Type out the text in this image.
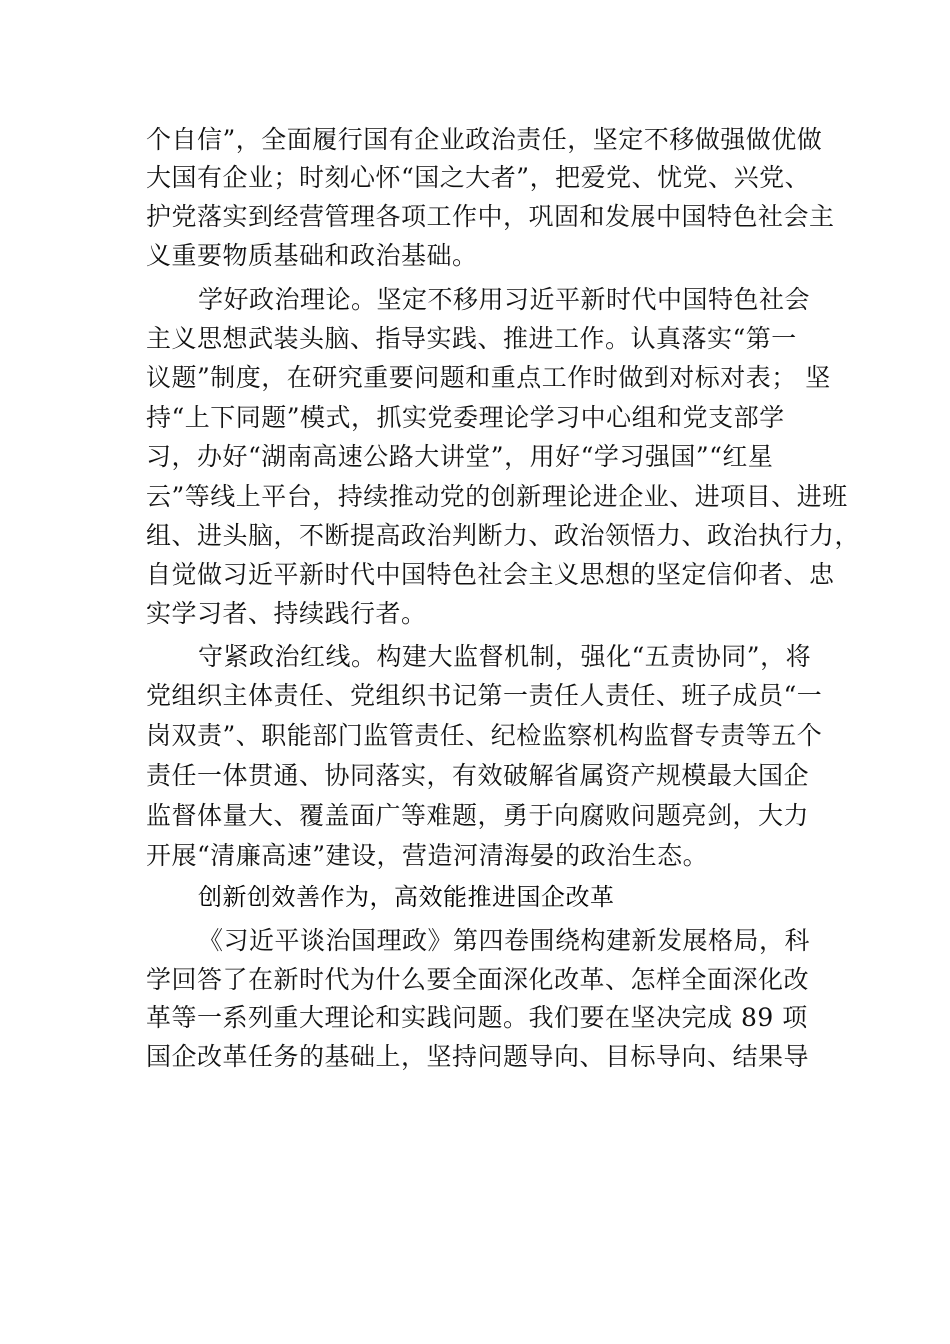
个自信”，全面履行国有企业政治责任，坚定不移做强做优做
大国有企业；时刻心怀“国之大者”，把爱党、忧党、兴党、
护党落实到经营管理各项工作中，巩固和发展中国特色社会主
义重要物质基础和政治基础。
学好政治理论。坚定不移用习近平新时代中国特色社会
主义思想武装头脑、指导实践、推进工作。认真落实“第一
议题”制度，在研究重要问题和重点工作时做到对标对表； 坚
持“上下同题”模式，抓实党委理论学习中心组和党支部学
习，办好“湖南高速公路大讲堂”，用好“学习强国”“红星
云”等线上平台，持续推动党的创新理论进企业、进项目、进班
组、进头脑，不断提高政治判断力、政治领悟力、政治执行力，
自觉做习近平新时代中国特色社会主义思想的坚定信仰者、忠
实学习者、持续践行者。
守紧政治红线。构建大监督机制，强化“五责协同”，将
党组织主体责任、党组织书记第一责任人责任、班子成员“一
岗双责”、职能部门监管责任、纪检监察机构监督专责等五个
责任一体贯通、协同落实，有效破解省属资产规模最大国企
监督体量大、覆盖面广等难题，勇于向腐败问题亮剑，大力
开展“清廉高速”建设，营造河清海晏的政治生态。
创新创效善作为，高效能推进国企改革
《习近平谈治国理政》第四卷围绕构建新发展格局，科
学回答了在新时代为什么要全面深化改革、怎样全面深化改
革等一系列重大理论和实践问题。我们要在坚决完成 89 项
国企改革任务的基础上，坚持问题导向、目标导向、结果导
